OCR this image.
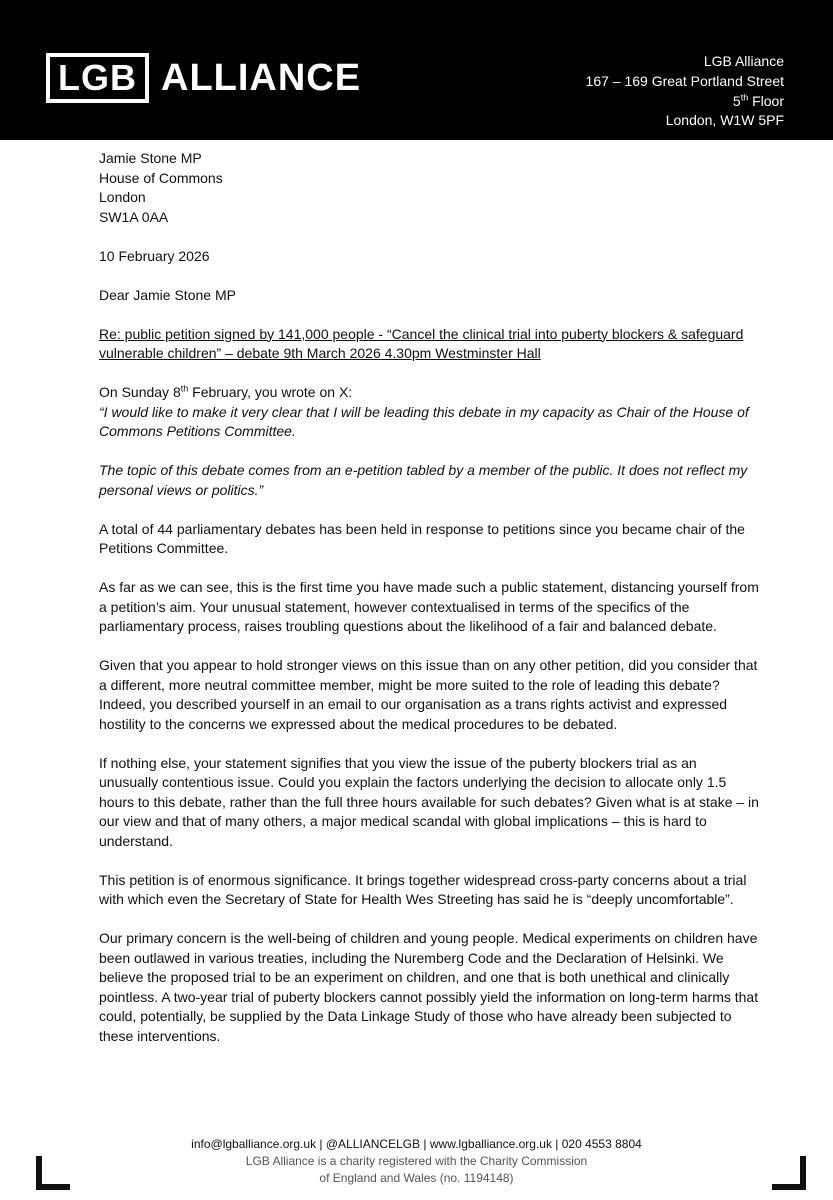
LGB ALLIANCE	LGB Alliance
167 – 169 Great Portland Street
5th Floor
London, W1W 5PF

Jamie Stone MP
House of Commons
London
SW1A 0AA

10 February 2026

Dear Jamie Stone MP

Re: public petition signed by 141,000 people - “Cancel the clinical trial into puberty blockers & safeguard vulnerable children” – debate 9th March 2026 4.30pm Westminster Hall

On Sunday 8th February, you wrote on X:

“I would like to make it very clear that I will be leading this debate in my capacity as Chair of the House of Commons Petitions Committee.

The topic of this debate comes from an e-petition tabled by a member of the public. It does not reflect my personal views or politics.”

A total of 44 parliamentary debates has been held in response to petitions since you became chair of the Petitions Committee.

As far as we can see, this is the first time you have made such a public statement, distancing yourself from a petition’s aim. Your unusual statement, however contextualised in terms of the specifics of the parliamentary process, raises troubling questions about the likelihood of a fair and balanced debate.

Given that you appear to hold stronger views on this issue than on any other petition, did you consider that a different, more neutral committee member, might be more suited to the role of leading this debate? Indeed, you described yourself in an email to our organisation as a trans rights activist and expressed hostility to the concerns we expressed about the medical procedures to be debated.

If nothing else, your statement signifies that you view the issue of the puberty blockers trial as an unusually contentious issue. Could you explain the factors underlying the decision to allocate only 1.5 hours to this debate, rather than the full three hours available for such debates? Given what is at stake – in our view and that of many others, a major medical scandal with global implications – this is hard to understand.

This petition is of enormous significance. It brings together widespread cross-party concerns about a trial with which even the Secretary of State for Health Wes Streeting has said he is “deeply uncomfortable”.

Our primary concern is the well-being of children and young people. Medical experiments on children have been outlawed in various treaties, including the Nuremberg Code and the Declaration of Helsinki. We believe the proposed trial to be an experiment on children, and one that is both unethical and clinically pointless. A two-year trial of puberty blockers cannot possibly yield the information on long-term harms that could, potentially, be supplied by the Data Linkage Study of those who have already been subjected to these interventions.

info@lgballiance.org.uk | @ALLIANCELGB | www.lgballiance.org.uk | 020 4553 8804
LGB Alliance is a charity registered with the Charity Commission
of England and Wales (no. 1194148)
